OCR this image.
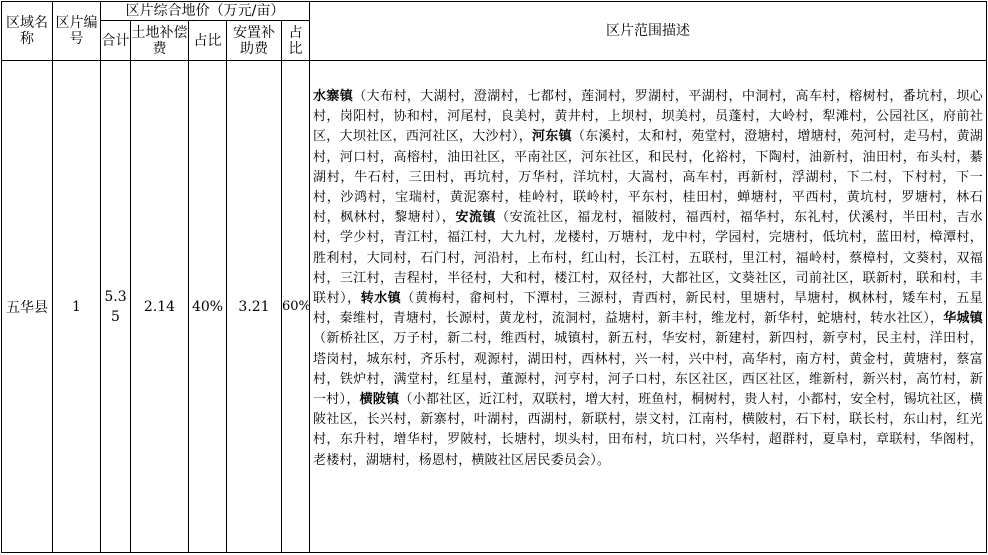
区域名称	区片编号	区片综合地价（万元/亩）					区片范围描述
		合计	土地补偿费	占比	安置补助费	占比	
五华县	1	5.35	2.14	40%	3.21	60%	水寨镇（大布村，大湖村，澄湖村，七都村，莲洞村，罗湖村，平湖村，中洞村，高车村，榕树村，番坑村，坝心村，岗阳村，协和村，河尾村，良美村，黄井村，上坝村，坝美村，员蓬村，大岭村，犁滩村，公园社区，府前社区，大坝社区，西河社区，大沙村），河东镇（东溪村，太和村，苑堂村，澄塘村，增塘村，苑河村，走马村，黄湖村，河口村，高榕村，油田社区，平南社区，河东社区，和民村，化裕村，下陶村，油新村，油田村，布头村，綦湖村，牛石村，三田村，再坑村，万华村，洋坑村，大嵩村，高车村，再新村，浮湖村，下二村，下村村，下一村，沙鸿村，宝瑞村，黄泥寨村，桂岭村，联岭村，平东村，桂田村，蝉塘村，平西村，黄坑村，罗塘村，林石村，枫林村，黎塘村），安流镇（安流社区，福龙村，福陂村，福西村，福华村，东礼村，伏溪村，半田村，吉水村，学少村，青江村，福江村，大九村，龙楼村，万塘村，龙中村，学园村，完塘村，低坑村，蓝田村，樟潭村，胜利村，大同村，石门村，河沿村，上布村，红山村，长江村，五联村，里江村，福岭村，蔡樟村，文葵村，双福村，三江村，吉程村，半径村，大和村，楼江村，双径村，大都社区，文葵社区，司前社区，联新村，联和村，丰联村），转水镇（黄梅村，畲柯村，下潭村，三源村，青西村，新民村，里塘村，旱塘村，枫林村，矮车村，五星村，秦维村，青塘村，长源村，黄龙村，流洞村，益塘村，新丰村，维龙村，新华村，蛇塘村，转水社区），华城镇（新桥社区，万子村，新二村，维西村，城镇村，新五村，华安村，新建村，新四村，新亨村，民主村，洋田村，塔岗村，城东村，齐乐村，观源村，湖田村，西林村，兴一村，兴中村，高华村，南方村，黄金村，黄塘村，蔡富村，铁炉村，满堂村，红星村，董源村，河亨村，河子口村，东区社区，西区社区，维新村，新兴村，高竹村，新一村），横陂镇（小都社区，近江村，双联村，增大村，班鱼村，桐树村，贵人村，小都村，安全村，锡坑社区，横陂社区，长兴村，新寨村，叶湖村，西湖村，新联村，崇文村，江南村，横陂村，石下村，联长村，东山村，红光村，东升村，增华村，罗陂村，长塘村，坝头村，田布村，坑口村，兴华村，超群村，夏阜村，章联村，华阁村，老楼村，湖塘村，杨恩村，横陂社区居民委员会）。
